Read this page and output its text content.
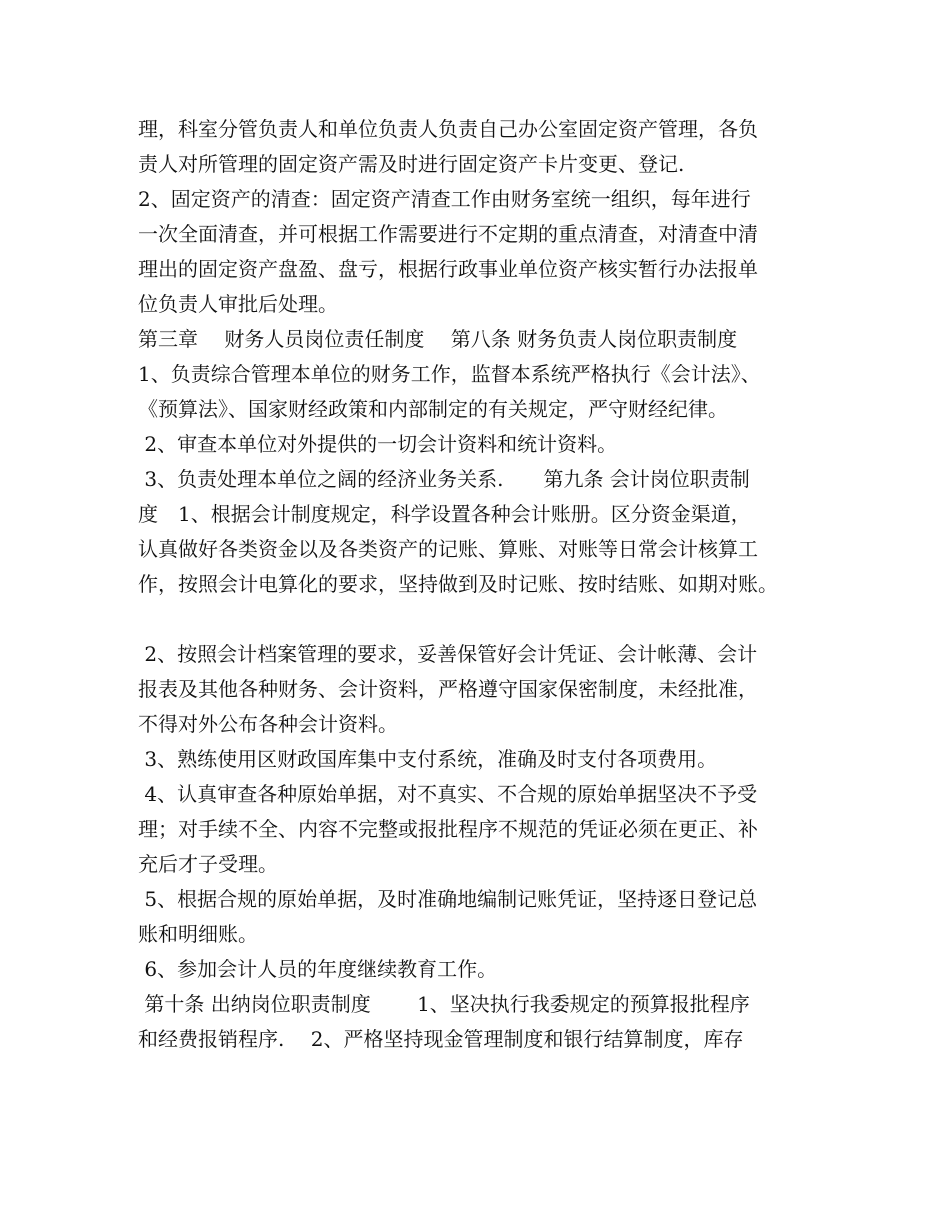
理，科室分管负责人和单位负责人负责自己办公室固定资产管理，各负
责人对所管理的固定资产需及时进行固定资产卡片变更、登记.
2、固定资产的清查：固定资产清查工作由财务室统一组织，每年进行
一次全面清查，并可根据工作需要进行不定期的重点清查，对清查中清
理出的固定资产盘盈、盘亏，根据行政事业单位资产核实暂行办法报单
位负责人审批后处理。
第三章　 财务人员岗位责任制度　 第八条 财务负责人岗位职责制度
1、负责综合管理本单位的财务工作，监督本系统严格执行《会计法》、
《预算法》、国家财经政策和内部制定的有关规定，严守财经纪律。
2、审查本单位对外提供的一切会计资料和统计资料。
3、负责处理本单位之阔的经济业务关系.　　第九条 会计岗位职责制
度　1、根据会计制度规定，科学设置各种会计账册。区分资金渠道，
认真做好各类资金以及各类资产的记账、算账、对账等日常会计核算工
作，按照会计电算化的要求，坚持做到及时记账、按时结账、如期对账。
2、按照会计档案管理的要求，妥善保管好会计凭证、会计帐薄、会计
报表及其他各种财务、会计资料，严格遵守国家保密制度，未经批准，
不得对外公布各种会计资料。
3、熟练使用区财政国库集中支付系统，准确及时支付各项费用。
4、认真审查各种原始单据，对不真实、不合规的原始单据坚决不予受
理；对手续不全、内容不完整或报批程序不规范的凭证必须在更正、补
充后才子受理。
5、根据合规的原始单据，及时准确地编制记账凭证，坚持逐日登记总
账和明细账。
6、参加会计人员的年度继续教育工作。
第十条 出纳岗位职责制度　　 1、坚决执行我委规定的预算报批程序
和经费报销程序.　 2、严格坚持现金管理制度和银行结算制度，库存
